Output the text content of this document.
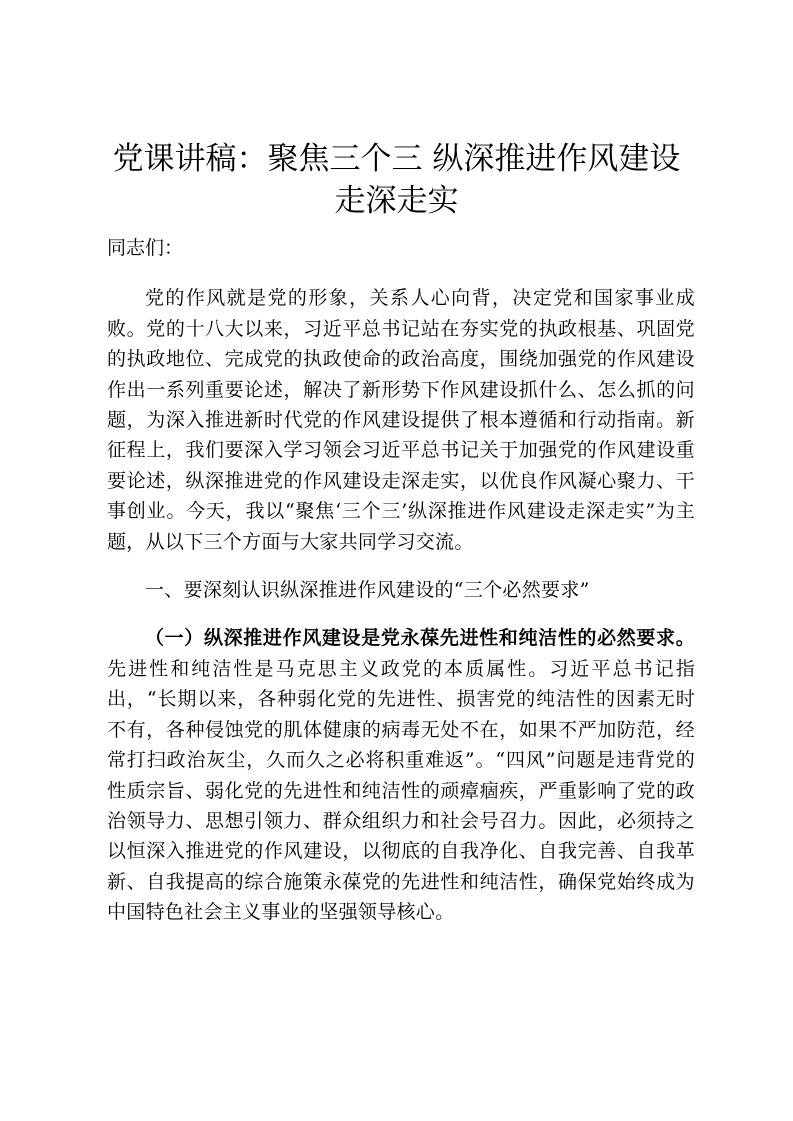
党课讲稿：聚焦三个三 纵深推进作风建设走深走实

同志们：

党的作风就是党的形象，关系人心向背，决定党和国家事业成败。党的十八大以来，习近平总书记站在夯实党的执政根基、巩固党的执政地位、完成党的执政使命的政治高度，围绕加强党的作风建设作出一系列重要论述，解决了新形势下作风建设抓什么、怎么抓的问题，为深入推进新时代党的作风建设提供了根本遵循和行动指南。新征程上，我们要深入学习领会习近平总书记关于加强党的作风建设重要论述，纵深推进党的作风建设走深走实，以优良作风凝心聚力、干事创业。今天，我以“聚焦‘三个三’纵深推进作风建设走深走实”为主题，从以下三个方面与大家共同学习交流。

一、要深刻认识纵深推进作风建设的“三个必然要求”

（一）纵深推进作风建设是党永葆先进性和纯洁性的必然要求。先进性和纯洁性是马克思主义政党的本质属性。习近平总书记指出，“长期以来，各种弱化党的先进性、损害党的纯洁性的因素无时不有，各种侵蚀党的肌体健康的病毒无处不在，如果不严加防范，经常打扫政治灰尘，久而久之必将积重难返”。“四风”问题是违背党的性质宗旨、弱化党的先进性和纯洁性的顽瘴痼疾，严重影响了党的政治领导力、思想引领力、群众组织力和社会号召力。因此，必须持之以恒深入推进党的作风建设，以彻底的自我净化、自我完善、自我革新、自我提高的综合施策永葆党的先进性和纯洁性，确保党始终成为中国特色社会主义事业的坚强领导核心。
